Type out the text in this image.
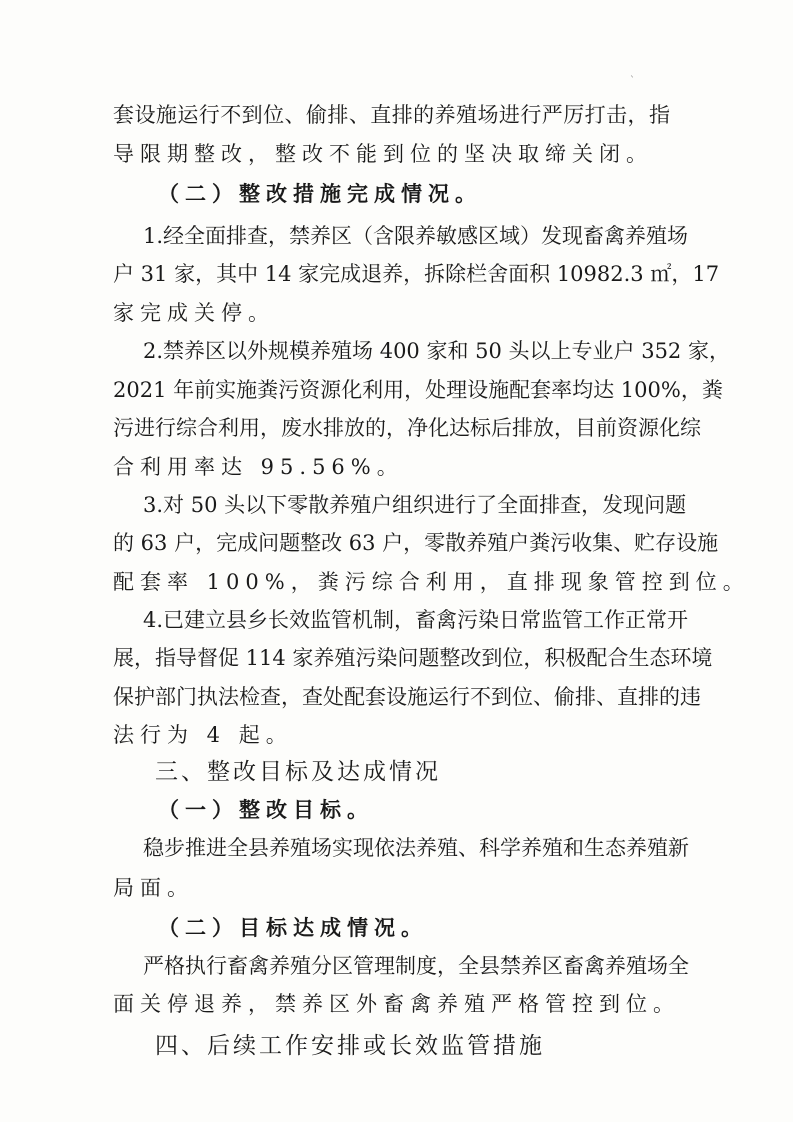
`
套设施运行不到位、偷排、直排的养殖场进行严厉打击，指
导限期整改，整改不能到位的坚决取缔关闭。
（二）整改措施完成情况。
1.经全面排查，禁养区（含限养敏感区域）发现畜禽养殖场
户 31 家，其中 14 家完成退养，拆除栏舍面积 10982.3 ㎡，17
家完成关停。
2.禁养区以外规模养殖场 400 家和 50 头以上专业户 352 家，
2021 年前实施粪污资源化利用，处理设施配套率均达 100%，粪
污进行综合利用，废水排放的，净化达标后排放，目前资源化综
合利用率达 95.56%。
3.对 50 头以下零散养殖户组织进行了全面排查，发现问题
的 63 户，完成问题整改 63 户，零散养殖户粪污收集、贮存设施
配套率 100%，粪污综合利用，直排现象管控到位。
4.已建立县乡长效监管机制，畜禽污染日常监管工作正常开
展，指导督促 114 家养殖污染问题整改到位，积极配合生态环境
保护部门执法检查，查处配套设施运行不到位、偷排、直排的违
法行为 4 起。
三、整改目标及达成情况
（一）整改目标。
稳步推进全县养殖场实现依法养殖、科学养殖和生态养殖新
局面。
（二）目标达成情况。
严格执行畜禽养殖分区管理制度，全县禁养区畜禽养殖场全
面关停退养，禁养区外畜禽养殖严格管控到位。
四、后续工作安排或长效监管措施
